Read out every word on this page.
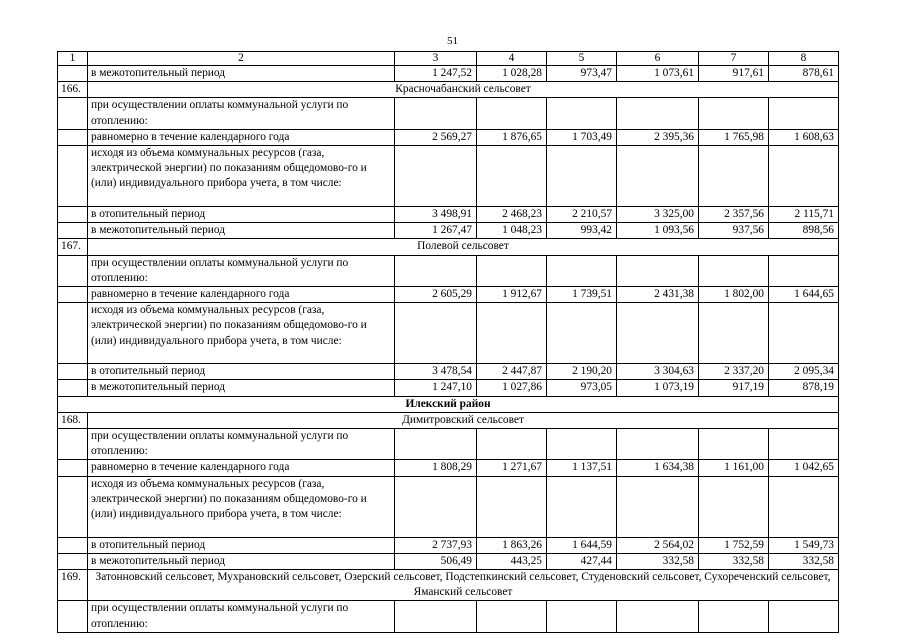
51
1	2	3	4	5	6	7	8
	в межотопительный период	1 247,52	1 028,28	973,47	1 073,61	917,61	878,61
166.	Красночабанский сельсовет						
	при осуществлении оплаты коммунальной услуги по отоплению:						
	равномерно в течение календарного года	2 569,27	1 876,65	1 703,49	2 395,36	1 765,98	1 608,63
	исходя из объема коммунальных ресурсов (газа, электрической энергии) по показаниям общедомово-го и (или) индивидуального прибора учета, в том числе:						
	в отопительный период	3 498,91	2 468,23	2 210,57	3 325,00	2 357,56	2 115,71
	в межотопительный период	1 267,47	1 048,23	993,42	1 093,56	937,56	898,56
167.	Полевой сельсовет						
	при осуществлении оплаты коммунальной услуги по отоплению:						
	равномерно в течение календарного года	2 605,29	1 912,67	1 739,51	2 431,38	1 802,00	1 644,65
	исходя из объема коммунальных ресурсов (газа, электрической энергии) по показаниям общедомово-го и (или) индивидуального прибора учета, в том числе:						
	в отопительный период	3 478,54	2 447,87	2 190,20	3 304,63	2 337,20	2 095,34
	в межотопительный период	1 247,10	1 027,86	973,05	1 073,19	917,19	878,19
Илекский район							
168.	Димитровский сельсовет						
	при осуществлении оплаты коммунальной услуги по отоплению:						
	равномерно в течение календарного года	1 808,29	1 271,67	1 137,51	1 634,38	1 161,00	1 042,65
	исходя из объема коммунальных ресурсов (газа, электрической энергии) по показаниям общедомово-го и (или) индивидуального прибора учета, в том числе:						
	в отопительный период	2 737,93	1 863,26	1 644,59	2 564,02	1 752,59	1 549,73
	в межотопительный период	506,49	443,25	427,44	332,58	332,58	332,58
169.	Затонновский сельсовет, Мухрановский сельсовет, Озерский сельсовет, Подстепкинский сельсовет, Студеновский сельсовет, Сухореченский сельсовет, Яманский сельсовет						
	при осуществлении оплаты коммунальной услуги по отоплению:						
